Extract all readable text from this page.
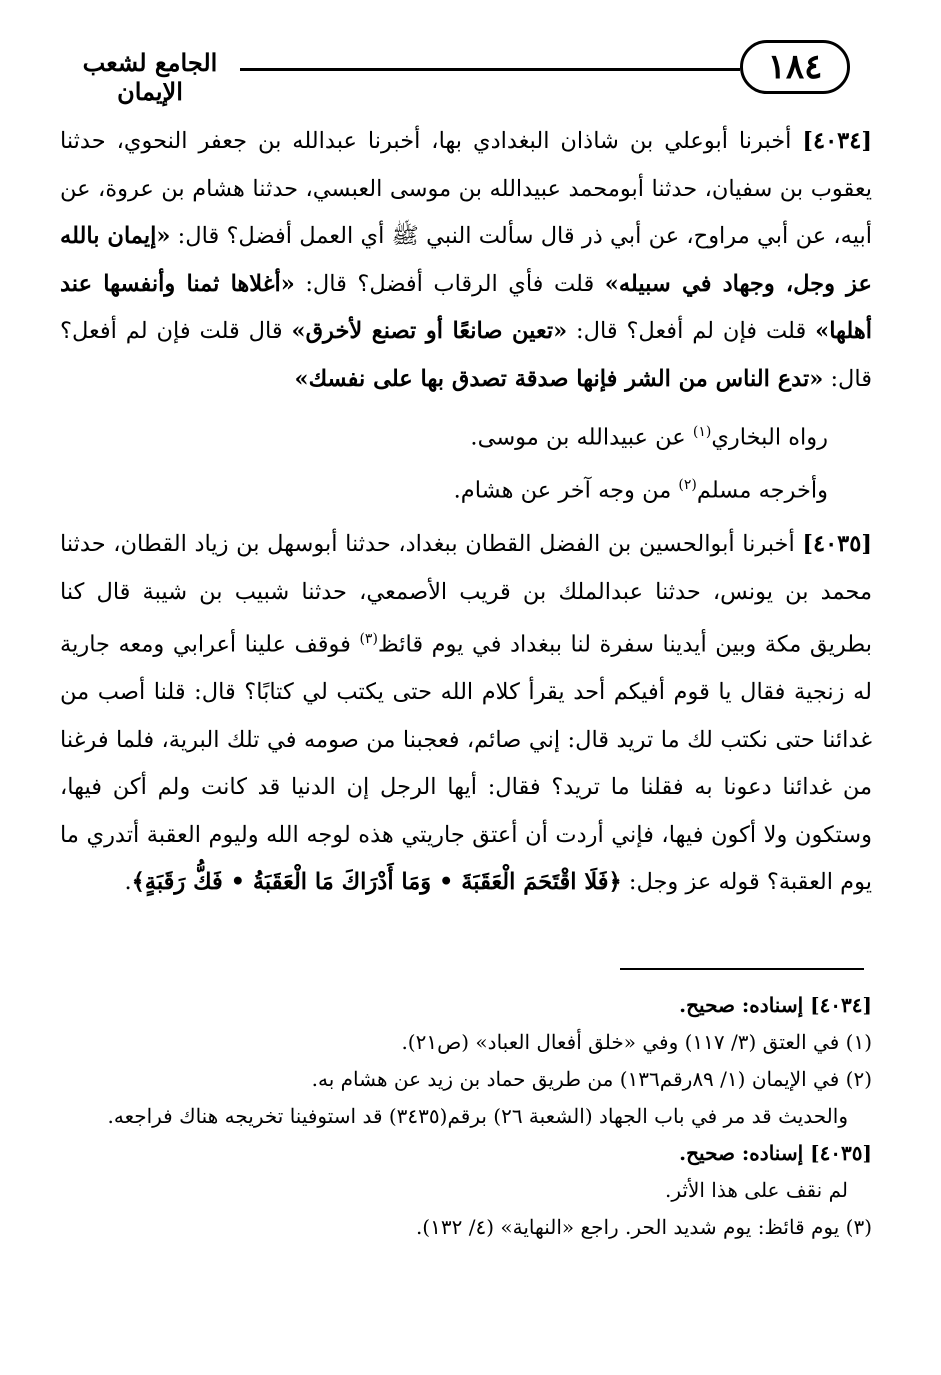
١٨٤
الجامع لشعب الإيمان

[٤٠٣٤] أخبرنا أبوعلي بن شاذان البغدادي بها، أخبرنا عبدالله بن جعفر النحوي، حدثنا يعقوب بن سفيان، حدثنا أبومحمد عبيدالله بن موسى العبسي، حدثنا هشام بن عروة، عن أبيه، عن أبي مراوح، عن أبي ذر قال سألت النبي ﷺ أي العمل أفضل؟ قال: «إيمان بالله عز وجل، وجهاد في سبيله» قلت فأي الرقاب أفضل؟ قال: «أغلاها ثمنا وأنفسها عند أهلها» قلت فإن لم أفعل؟ قال: «تعين صانعًا أو تصنع لأخرق» قال قلت فإن لم أفعل؟ قال: «تدع الناس من الشر فإنها صدقة تصدق بها على نفسك»

رواه البخاري$^{(١)}$ عن عبيدالله بن موسى.

وأخرجه مسلم$^{(٢)}$ من وجه آخر عن هشام.

[٤٠٣٥] أخبرنا أبوالحسين بن الفضل القطان ببغداد، حدثنا أبوسهل بن زياد القطان، حدثنا محمد بن يونس، حدثنا عبدالملك بن قريب الأصمعي، حدثنا شبيب بن شيبة قال كنا بطريق مكة وبين أيدينا سفرة لنا ببغداد في يوم قائظ$^{(٣)}$ فوقف علينا أعرابي ومعه جارية له زنجية فقال يا قوم أفيكم أحد يقرأ كلام الله حتى يكتب لي كتابًا؟ قال: قلنا أصب من غدائنا حتى نكتب لك ما تريد قال: إني صائم، فعجبنا من صومه في تلك البرية، فلما فرغنا من غدائنا دعونا به فقلنا ما تريد؟ فقال: أيها الرجل إن الدنيا قد كانت ولم أكن فيها، وستكون ولا أكون فيها، فإني أردت أن أعتق جاريتي هذه لوجه الله وليوم العقبة أتدري ما يوم العقبة؟ قوله عز وجل: ﴿فَلَا اقْتَحَمَ الْعَقَبَةَ • وَمَا أَدْرَاكَ مَا الْعَقَبَةُ • فَكُّ رَقَبَةٍ﴾.

[٤٠٣٤] إسناده: صحيح.

(١) في العتق (٣/ ١١٧) وفي «خلق أفعال العباد» (ص٢١).

(٢) في الإيمان (١/ ٨٩رقم١٣٦) من طريق حماد بن زيد عن هشام به.

والحديث قد مر في باب الجهاد (الشعبة ٢٦) برقم(٣٤٣٥) قد استوفينا تخريجه هناك فراجعه.

[٤٠٣٥] إسناده: صحيح.

لم نقف على هذا الأثر.

(٣) يوم قائظ: يوم شديد الحر. راجع «النهاية» (٤/ ١٣٢).
